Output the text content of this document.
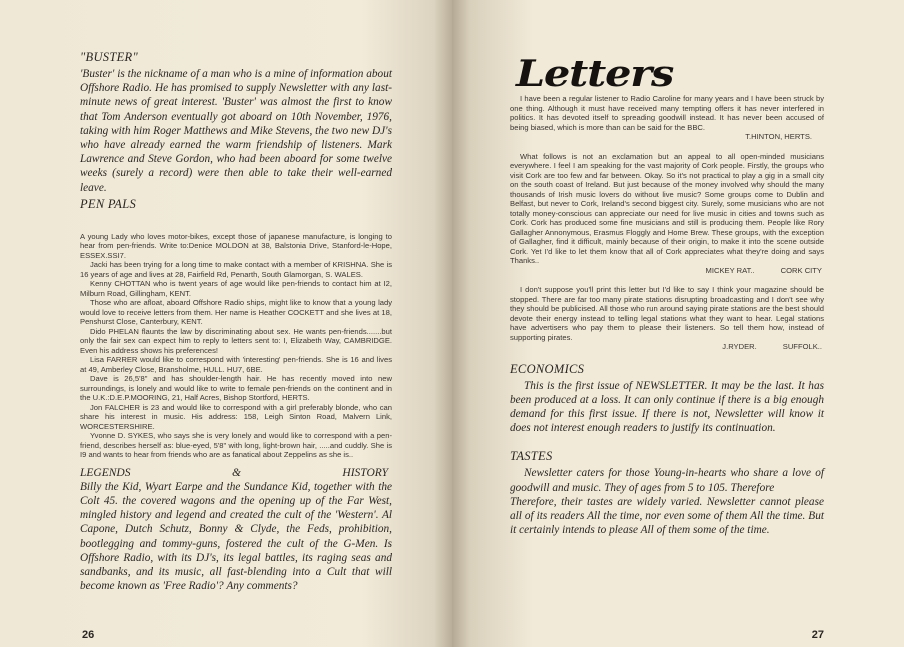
"BUSTER"

'Buster' is the nickname of a man who is a mine of information about Offshore Radio. He has promised to supply Newsletter with any last-minute news of great interest. 'Buster' was almost the first to know that Tom Anderson eventually got aboard on 10th November, 1976, taking with him Roger Matthews and Mike Stevens, the two new DJ's who have already earned the warm friendship of listeners. Mark Lawrence and Steve Gordon, who had been aboard for some twelve weeks (surely a record) were then able to take their well-earned leave.

PEN PALS

A young Lady who loves motor-bikes, except those of japanese manufacture, is longing to hear from pen-friends. Write to:Denice MOLDON at 38, Balstonia Drive, Stanford-le-Hope, ESSEX.SSI7.

Jacki has been trying for a long time to make contact with a member of KRISHNA. She is 16 years of age and lives at 28, Fairfield Rd, Penarth, South Glamorgan, S. WALES.

Kenny CHOTTAN who is twent years of age would like pen-friends to contact him at I2, Milburn Road, Gillingham, KENT.

Those who are afloat, aboard Offshore Radio ships, might like to know that a young lady would love to receive letters from them. Her name is Heather COCKETT and she lives at 18, Penshurst Close, Canterbury, KENT.

Dido PHELAN flaunts the law by discriminating about sex. He wants pen-friends.......but only the fair sex can expect him to reply to letters sent to: I, Elizabeth Way, CAMBRIDGE. Even his address shows his preferences!

Lisa FARRER would like to correspond with 'interesting' pen-friends. She is 16 and lives at 49, Amberley Close, Bransholme, HULL. HU7, 6BE.

Dave is 26,5'8" and has shoulder-length hair. He has recently moved into new surroundings, is lonely and would like to write to female pen-friends on the continent and in the U.K.:D.E.P.MOORING, 21, Half Acres, Bishop Stortford, HERTS.

Jon FALCHER is 23 and would like to correspond with a girl preferably blonde, who can share his interest in music. His address: 158, Leigh Sinton Road, Malvern Link, WORCESTERSHIRE.

Yvonne D. SYKES, who says she is very lonely and would like to correspond with a pen-friend, describes herself as: blue-eyed, 5'8" with long, light-brown hair, .....and cuddly. She is I9 and wants to hear from friends who are as fanatical about Zeppelins as she is..

LEGENDS	&	HISTORY

Billy the Kid, Wyart Earpe and the Sundance Kid, together with the Colt 45. the covered wagons and the opening up of the Far West, mingled history and legend and created the cult of the 'Western'. Al Capone, Dutch Schutz, Bonny & Clyde, the Feds, prohibition, bootlegging and tommy-guns, fostered the cult of the G-Men. Is Offshore Radio, with its DJ's, its legal battles, its raging seas and sandbanks, and its music, all fast-blending into a Cult that will become known as 'Free Radio'? Any comments?

26
Letters

I have been a regular listener to Radio Caroline for many years and I have been struck by one thing. Although it must have received many tempting offers it has never interfered in politics. It has devoted itself to spreading goodwill instead. It has never been accused of being biased, which is more than can be said for the BBC.

T.HINTON, HERTS.

What follows is not an exclamation but an appeal to all open-minded musicians everywhere. I feel I am speaking for the vast majority of Cork people. Firstly, the groups who visit Cork are too few and far between. Okay. So it's not practical to play a gig in a small city on the south coast of Ireland. But just because of the money involved why should the many thousands of Irish music lovers do without live music? Some groups come to Dublin and Belfast, but never to Cork, Ireland's second biggest city. Surely, some musicians who are not totally money-conscious can appreciate our need for live music in cities and towns such as Cork. Cork has produced some fine musicians and still is producing them. People like Rory Gallagher Annonymous, Erasmus Floggly and Home Brew. These groups, with the exception of Gallagher, find it difficult, mainly because of their origin, to make it into the scene outside Cork. Yet I'd like to let them know that all of Cork appreciates what they're doing and says Thanks..

MICKEY RAT..	CORK CITY

I don't suppose you'll print this letter but I'd like to say I think your magazine should be stopped. There are far too many pirate stations disrupting broadcasting and I don't see why they should be publicised. All those who run around saying pirate stations are the best should devote their energy instead to telling legal stations what they want to hear. Legal stations have advertisers who pay them to please their listeners. So tell them how, instead of supporting pirates.

J.RYDER.	SUFFOLK..

ECONOMICS

This is the first issue of NEWSLETTER. It may be the last. It has been produced at a loss. It can only continue if there is a big enough demand for this first issue. If there is not, Newsletter will know it does not interest enough readers to justify its continuation.

TASTES

Newsletter caters for those Young-in-hearts who share a love of goodwill and music. They of ages from 5 to 105. Therefore

Therefore, their tastes are widely varied. Newsletter cannot please all of its readers All the time, nor even some of them All the time. But it certainly intends to please All of them some of the time.

27
